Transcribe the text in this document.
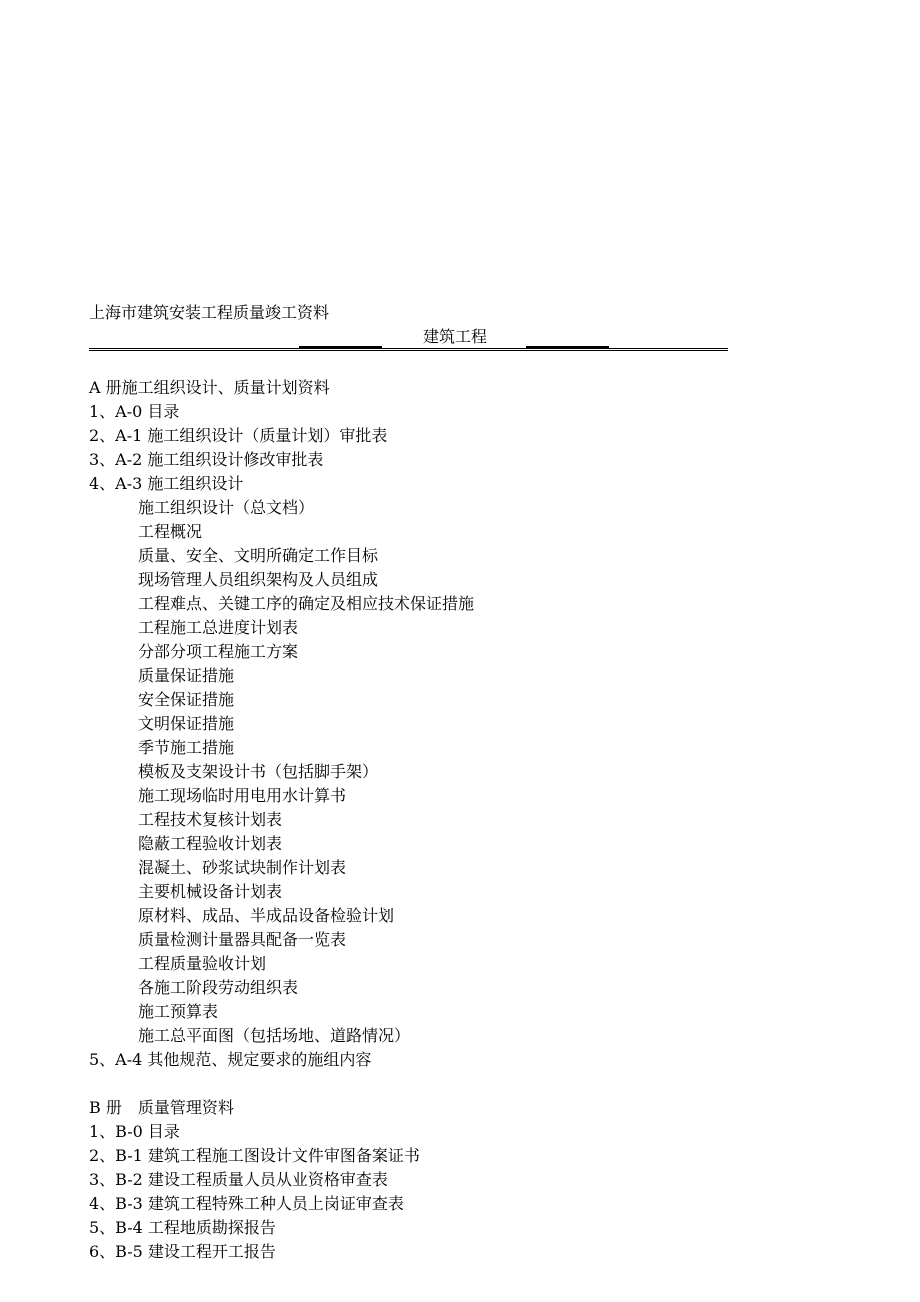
上海市建筑安装工程质量竣工资料
建筑工程
A 册施工组织设计、质量计划资料
1、A-0 目录
2、A-1 施工组织设计（质量计划）审批表
3、A-2 施工组织设计修改审批表
4、A-3 施工组织设计
施工组织设计（总文档）
工程概况
质量、安全、文明所确定工作目标
现场管理人员组织架构及人员组成
工程难点、关键工序的确定及相应技术保证措施
工程施工总进度计划表
分部分项工程施工方案
质量保证措施
安全保证措施
文明保证措施
季节施工措施
模板及支架设计书（包括脚手架）
施工现场临时用电用水计算书
工程技术复核计划表
隐蔽工程验收计划表
混凝土、砂浆试块制作计划表
主要机械设备计划表
原材料、成品、半成品设备检验计划
质量检测计量器具配备一览表
工程质量验收计划
各施工阶段劳动组织表
施工预算表
施工总平面图（包括场地、道路情况）
5、A-4 其他规范、规定要求的施组内容
B 册　质量管理资料
1、B-0 目录
2、B-1 建筑工程施工图设计文件审图备案证书
3、B-2 建设工程质量人员从业资格审查表
4、B-3 建筑工程特殊工种人员上岗证审查表
5、B-4 工程地质勘探报告
6、B-5 建设工程开工报告
